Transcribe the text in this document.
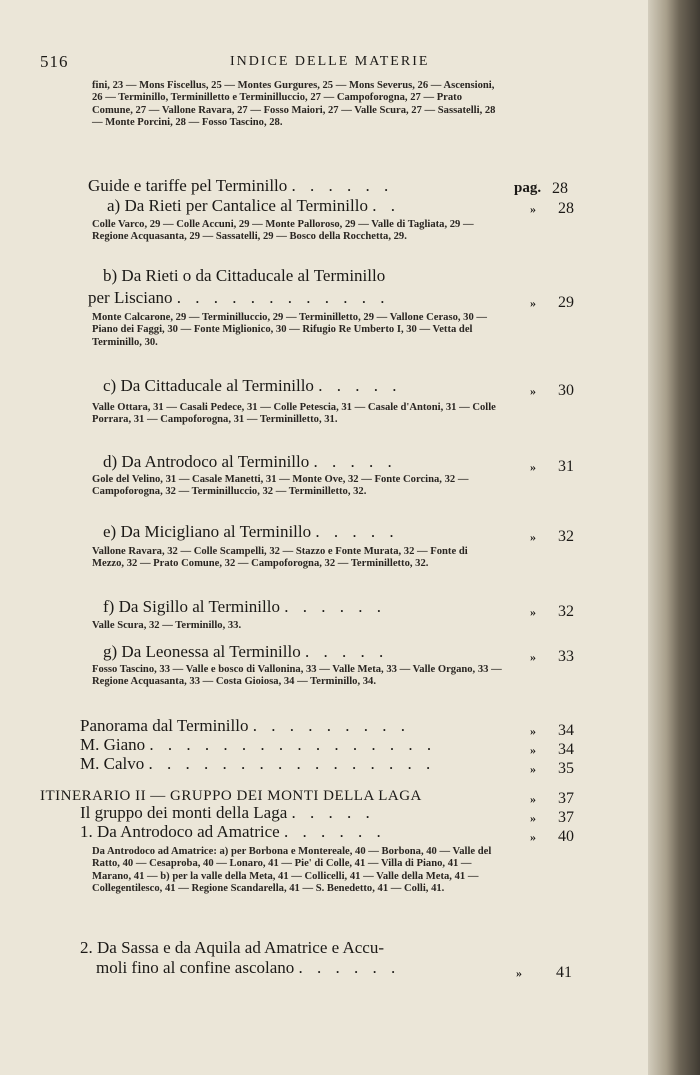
516	INDICE DELLE MATERIE
fini, 23 — Mons Fiscellus, 25 — Montes Gurgures, 25 — Mons Severus, 26 — Ascensioni, 26 — Terminillo, Terminilletto e Terminilluccio, 27 — Campoforogna, 27 — Prato Comune, 27 — Vallone Ravara, 27 — Fosso Maiori, 27 — Valle Scura, 27 — Sassatelli, 28 — Monte Porcini, 28 — Fosso Tascino, 28.
Guide e tariffe pel Terminillo . . . . . .	pag. 28
a) Da Rieti per Cantalice al Terminillo . .	» 28
Colle Varco, 29 — Colle Accuni, 29 — Monte Palloroso, 29 — Valle di Tagliata, 29 — Regione Acquasanta, 29 — Sassatelli, 29 — Bosco della Rocchetta, 29.
b) Da Rieti o da Cittaducale al Terminillo
per Lisciano . . . . . . . . . . . .	» 29
Monte Calcarone, 29 — Terminilluccio, 29 — Terminilletto, 29 — Vallone Cerasо, 30 — Piano dei Faggi, 30 — Fonte Miglionico, 30 — Rifugio Re Umberto I, 30 — Vetta del Terminillo, 30.
c) Da Cittaducale al Terminillo . . . . .	» 30
Valle Ottara, 31 — Casali Pedece, 31 — Colle Petescia, 31 — Casale d'Antoni, 31 — Colle Porrara, 31 — Campoforogna, 31 — Terminilletto, 31.
d) Da Antrodoco al Terminillo . . . . .	» 31
Gole del Velino, 31 — Casale Manetti, 31 — Monte Ove, 32 — Fonte Corcina, 32 — Campoforogna, 32 — Terminilluccio, 32 — Terminilletto, 32.
e) Da Micigliano al Terminillo . . . . .	» 32
Vallone Ravara, 32 — Colle Scampelli, 32 — Stazzo e Fonte Murata, 32 — Fonte di Mezzo, 32 — Prato Comune, 32 — Campoforogna, 32 — Terminilletto, 32.
f) Da Sigillo al Terminillo . . . . . .	» 32
Valle Scura, 32 — Terminillo, 33.
g) Da Leonessa al Terminillo . . . . .	» 33
Fosso Tascino, 33 — Valle e bosco di Vallonina, 33 — Valle Meta, 33 — Valle Organo, 33 — Regione Acquasanta, 33 — Costa Gioiosa, 34 — Terminillo, 34.
Panorama dal Terminillo . . . . . . . . .	» 34
M. Giano . . . . . . . . . . . . . . . .	» 34
M. Calvo . . . . . . . . . . . . . . . .	» 35
ITINERARIO II — GRUPPO DEI MONTI DELLA LAGA	» 37
Il gruppo dei monti della Laga . . . . .	» 37
1. Da Antrodoco ad Amatrice . . . . . .	» 40
Da Antrodoco ad Amatrice: a) per Borbona e Montereale, 40 — Borbona, 40 — Valle del Ratto, 40 — Cesaproba, 40 — Lonaro, 41 — Pie' di Colle, 41 — Villa di Piano, 41 — Marano, 41 — b) per la valle della Meta, 41 — Collicelli, 41 — Valle della Meta, 41 — Collegentilesco, 41 — Regione Scandarella, 41 — S. Benedetto, 41 — Colli, 41.
2. Da Sassa e da Aquila ad Amatrice e Accu-
moli fino al confine ascolano . . . . . .	» 41
